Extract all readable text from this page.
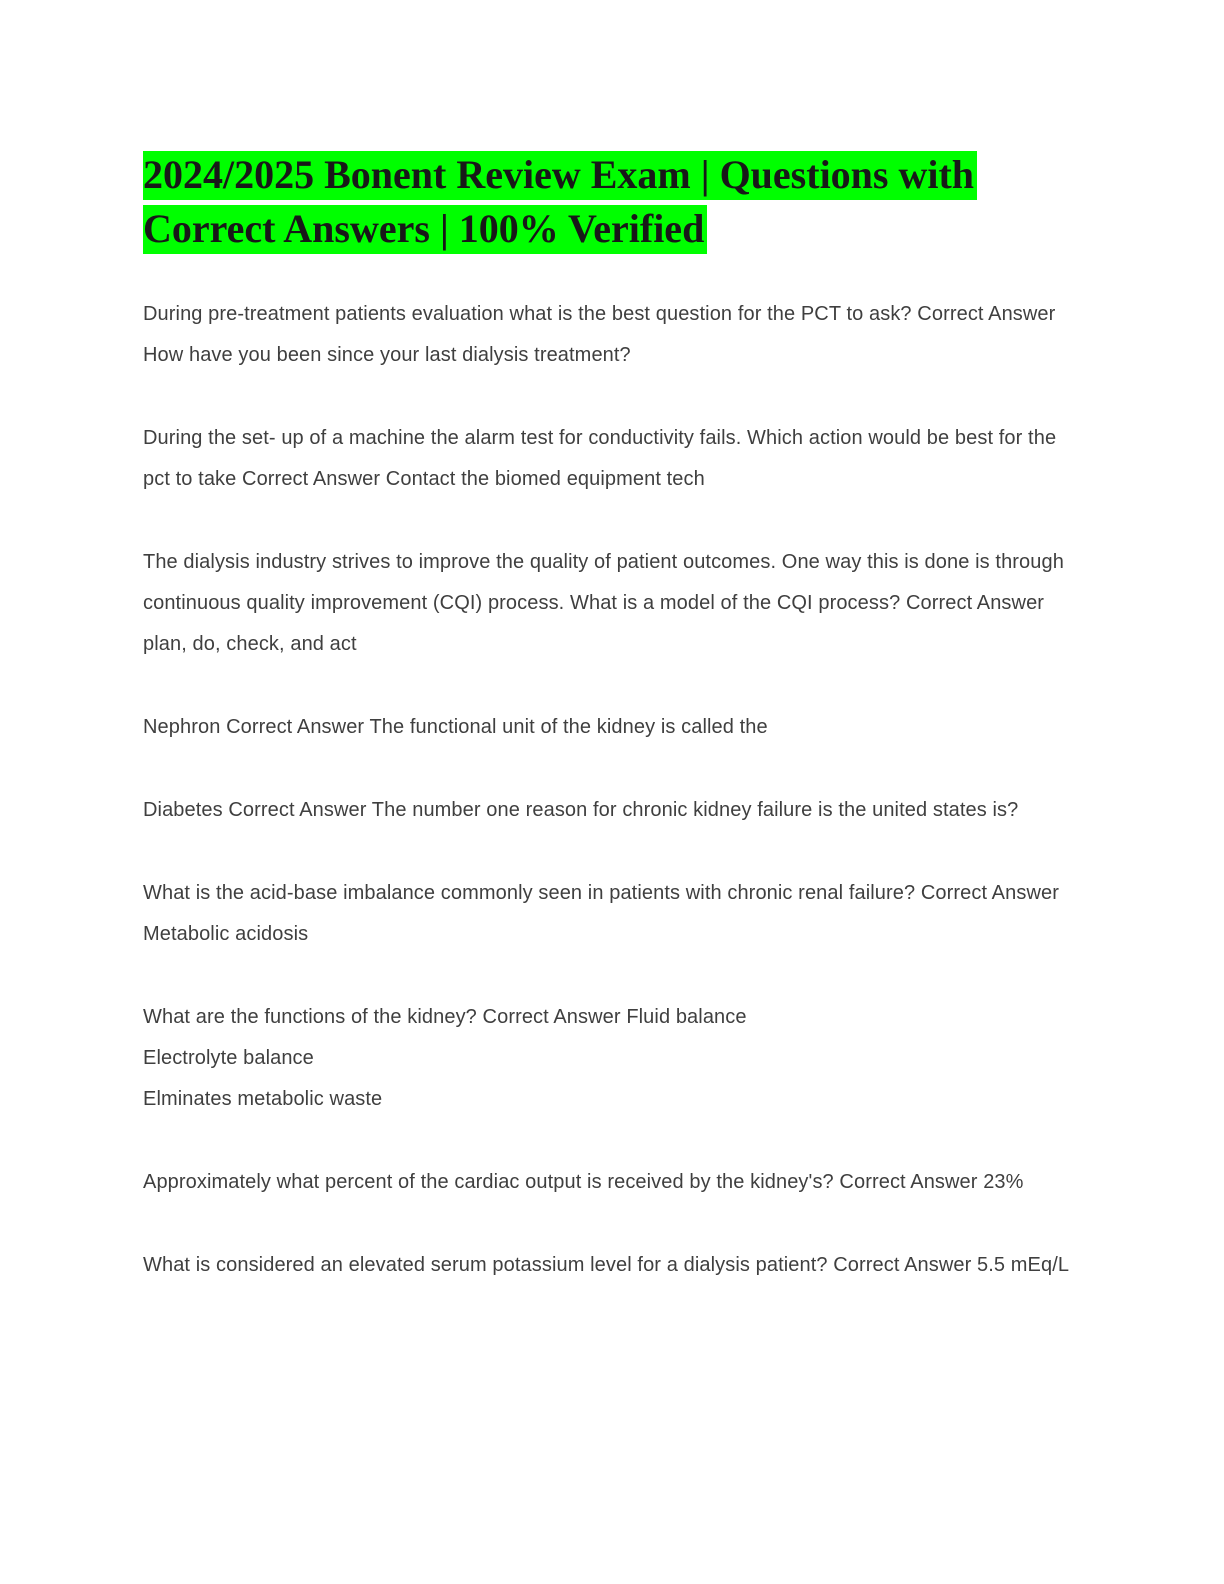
2024/2025 Bonent Review Exam | Questions with Correct Answers | 100% Verified

During pre-treatment patients evaluation what is the best question for the PCT to ask? Correct Answer How have you been since your last dialysis treatment?

During the set- up of a machine the alarm test for conductivity fails. Which action would be best for the pct to take Correct Answer Contact the biomed equipment tech

The dialysis industry strives to improve the quality of patient outcomes. One way this is done is through continuous quality improvement (CQI) process. What is a model of the CQI process? Correct Answer plan, do, check, and act

Nephron Correct Answer The functional unit of the kidney is called the

Diabetes Correct Answer The number one reason for chronic kidney failure is the united states is?

What is the acid-base imbalance commonly seen in patients with chronic renal failure? Correct Answer Metabolic acidosis

What are the functions of the kidney? Correct Answer Fluid balance
Electrolyte balance
Elminates metabolic waste

Approximately what percent of the cardiac output is received by the kidney's? Correct Answer 23%

What is considered an elevated serum potassium level for a dialysis patient? Correct Answer 5.5 mEq/L
